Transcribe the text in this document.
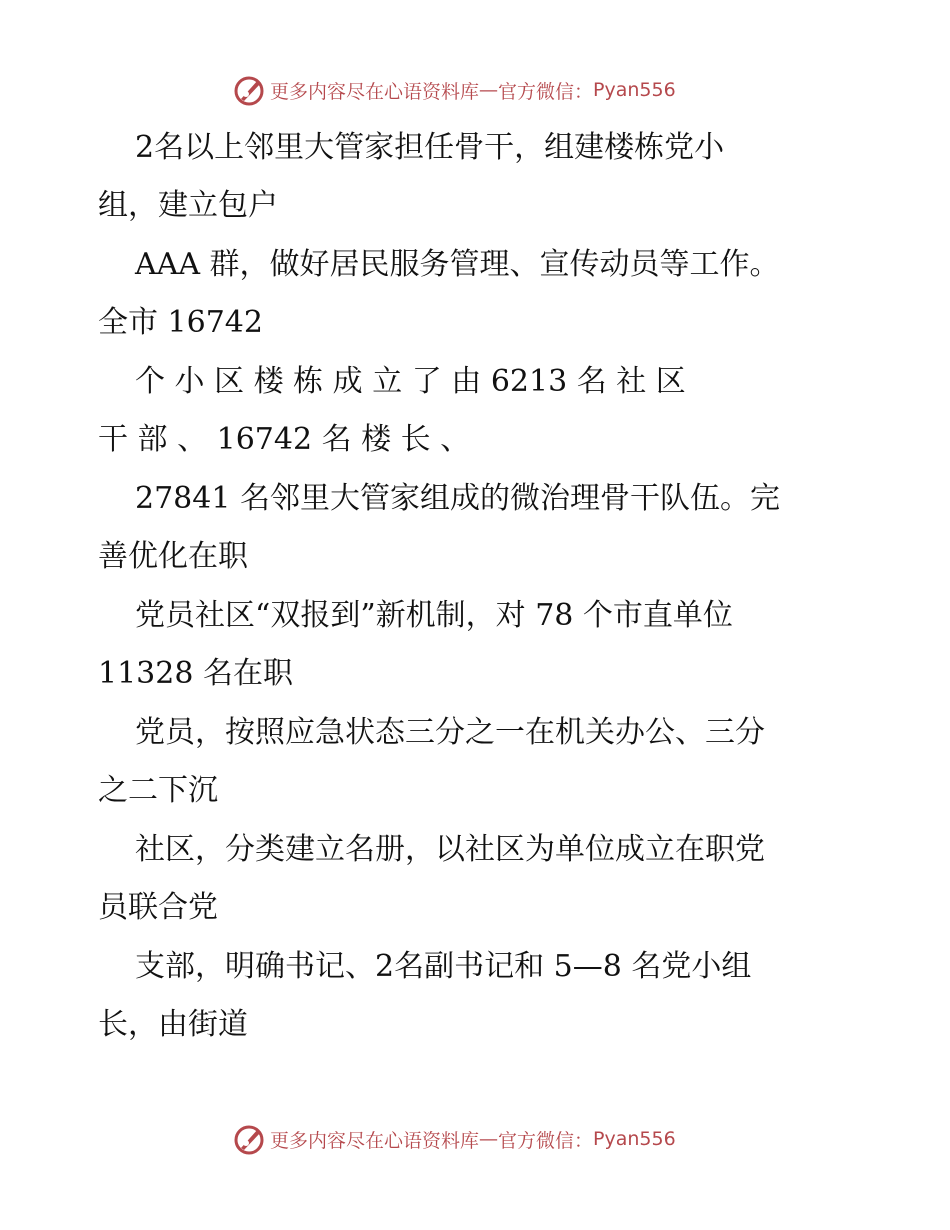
更多内容尽在心语资料库 — 官方微信： Pyan556

2名以上邻里大管家担任骨干，组建楼栋党小

组，建立包户

AAA 群，做好居民服务管理、宣传动员等工作。

全市 16742

个 小 区 楼 栋 成 立 了 由 6213 名 社 区

干 部 、 16742 名 楼 长 、

27841 名邻里大管家组成的微治理骨干队伍。完

善优化在职

党员社区“双报到”新机制，对 78 个市直单位

11328 名在职

党员，按照应急状态三分之一在机关办公、三分

之二下沉

社区，分类建立名册，以社区为单位成立在职党

员联合党

支部，明确书记、2名副书记和 5—8 名党小组

长，由街道

更多内容尽在心语资料库 — 官方微信： Pyan556
